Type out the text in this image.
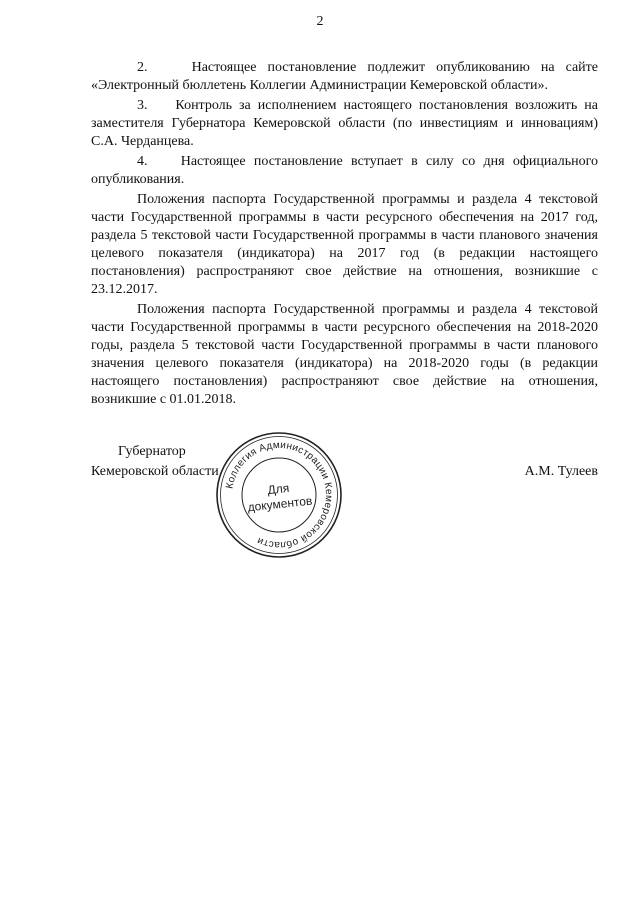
2

2.    Настоящее постановление подлежит опубликованию на сайте «Электронный бюллетень Коллегии Администрации Кемеровской области».

3.    Контроль за исполнением настоящего постановления возложить на заместителя Губернатора Кемеровской области (по инвестициям и инновациям) С.А. Черданцева.

4.    Настоящее постановление вступает в силу со дня официального опубликования.

Положения паспорта Государственной программы и раздела 4 текстовой части Государственной программы в части ресурсного обеспечения на 2017 год, раздела 5 текстовой части Государственной программы в части планового значения целевого показателя (индикатора) на 2017 год (в редакции настоящего постановления) распространяют свое действие на отношения, возникшие с 23.12.2017.

Положения паспорта Государственной программы и раздела 4 текстовой части Государственной программы в части ресурсного обеспечения на 2018-2020 годы, раздела 5 текстовой части Государственной программы в части планового значения целевого показателя (индикатора) на 2018-2020 годы (в редакции настоящего постановления) распространяют свое действие на отношения, возникшие с 01.01.2018.

Губернатор
Кемеровской области	А.М. Тулеев
Коллегия Администрации Кемеровской области
Для
документов
